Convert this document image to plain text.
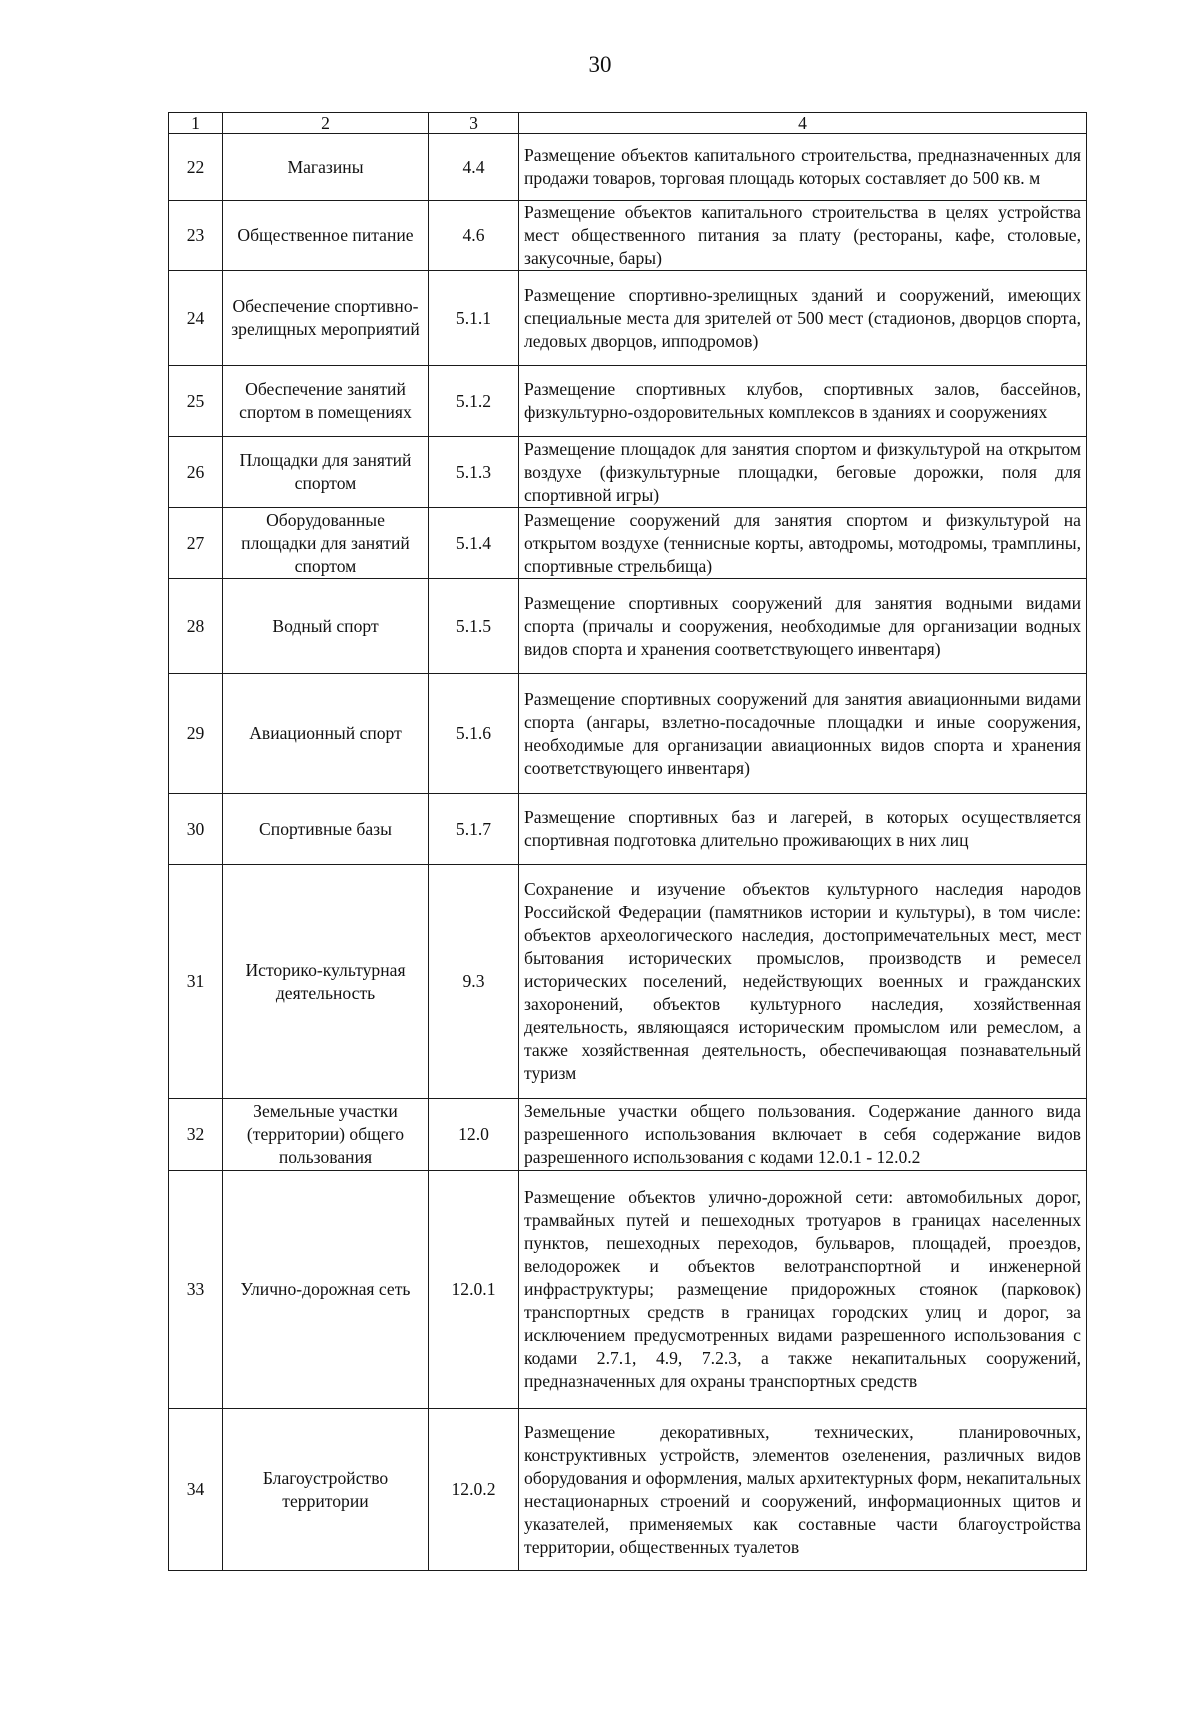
30
1	2	3	4
22	Магазины	4.4	Размещение объектов капитального строительства, предназначенных для продажи товаров, торговая площадь которых составляет до 500 кв. м
23	Общественное питание	4.6	Размещение объектов капитального строительства в целях устройства мест общественного питания за плату (рестораны, кафе, столовые, закусочные, бары)
24	Обеспечение спортивно-зрелищных мероприятий	5.1.1	Размещение спортивно-зрелищных зданий и сооружений, имеющих специальные места для зрителей от 500 мест (стадионов, дворцов спорта, ледовых дворцов, ипподромов)
25	Обеспечение занятий спортом в помещениях	5.1.2	Размещение спортивных клубов, спортивных залов, бассейнов, физкультурно-оздоровительных комплексов в зданиях и сооружениях
26	Площадки для занятий спортом	5.1.3	Размещение площадок для занятия спортом и физкультурой на открытом воздухе (физкультурные площадки, беговые дорожки, поля для спортивной игры)
27	Оборудованные площадки для занятий спортом	5.1.4	Размещение сооружений для занятия спортом и физкультурой на открытом воздухе (теннисные корты, автодромы, мотодромы, трамплины, спортивные стрельбища)
28	Водный спорт	5.1.5	Размещение спортивных сооружений для занятия водными видами спорта (причалы и сооружения, необходимые для организации водных видов спорта и хранения соответствующего инвентаря)
29	Авиационный спорт	5.1.6	Размещение спортивных сооружений для занятия авиационными видами спорта (ангары, взлетно-посадочные площадки и иные сооружения, необходимые для организации авиационных видов спорта и хранения соответствующего инвентаря)
30	Спортивные базы	5.1.7	Размещение спортивных баз и лагерей, в которых осуществляется спортивная подготовка длительно проживающих в них лиц
31	Историко-культурная деятельность	9.3	Сохранение и изучение объектов культурного наследия народов Российской Федерации (памятников истории и культуры), в том числе: объектов археологического наследия, достопримечательных мест, мест бытования исторических промыслов, производств и ремесел исторических поселений, недействующих военных и гражданских захоронений, объектов культурного наследия, хозяйственная деятельность, являющаяся историческим промыслом или ремеслом, а также хозяйственная деятельность, обеспечивающая познавательный туризм
32	Земельные участки (территории) общего пользования	12.0	Земельные участки общего пользования. Содержание данного вида разрешенного использования включает в себя содержание видов разрешенного использования с кодами 12.0.1 - 12.0.2
33	Улично-дорожная сеть	12.0.1	Размещение объектов улично-дорожной сети: автомобильных дорог, трамвайных путей и пешеходных тротуаров в границах населенных пунктов, пешеходных переходов, бульваров, площадей, проездов, велодорожек и объектов велотранспортной и инженерной инфраструктуры; размещение придорожных стоянок (парковок) транспортных средств в границах городских улиц и дорог, за исключением предусмотренных видами разрешенного использования с кодами 2.7.1, 4.9, 7.2.3, а также некапитальных сооружений, предназначенных для охраны транспортных средств
34	Благоустройство территории	12.0.2	Размещение декоративных, технических, планировочных, конструктивных устройств, элементов озеленения, различных видов оборудования и оформления, малых архитектурных форм, некапитальных нестационарных строений и сооружений, информационных щитов и указателей, применяемых как составные части благоустройства территории, общественных туалетов
